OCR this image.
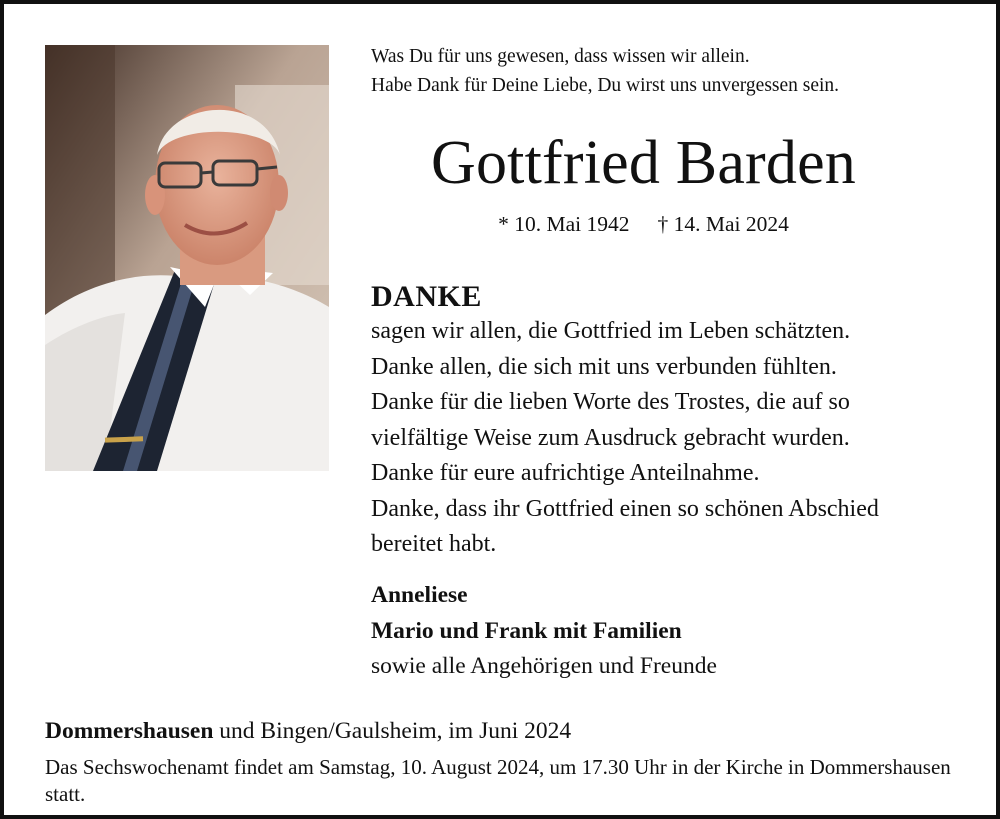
Was Du für uns gewesen, dass wissen wir allein.
Habe Dank für Deine Liebe, Du wirst uns unvergessen sein.
Gottfried Barden
* 10. Mai 1942 † 14. Mai 2024
DANKE
sagen wir allen, die Gottfried im Leben schätzten.
Danke allen, die sich mit uns verbunden fühlten.
Danke für die lieben Worte des Trostes, die auf so
vielfältige Weise zum Ausdruck gebracht wurden.
Danke für eure aufrichtige Anteilnahme.
Danke, dass ihr Gottfried einen so schönen Abschied
bereitet habt.
Anneliese
Mario und Frank mit Familien
sowie alle Angehörigen und Freunde
Dommershausen und Bingen/Gaulsheim, im Juni 2024
Das Sechswochenamt findet am Samstag, 10. August 2024, um 17.30 Uhr in der Kirche in Dommershausen statt.
